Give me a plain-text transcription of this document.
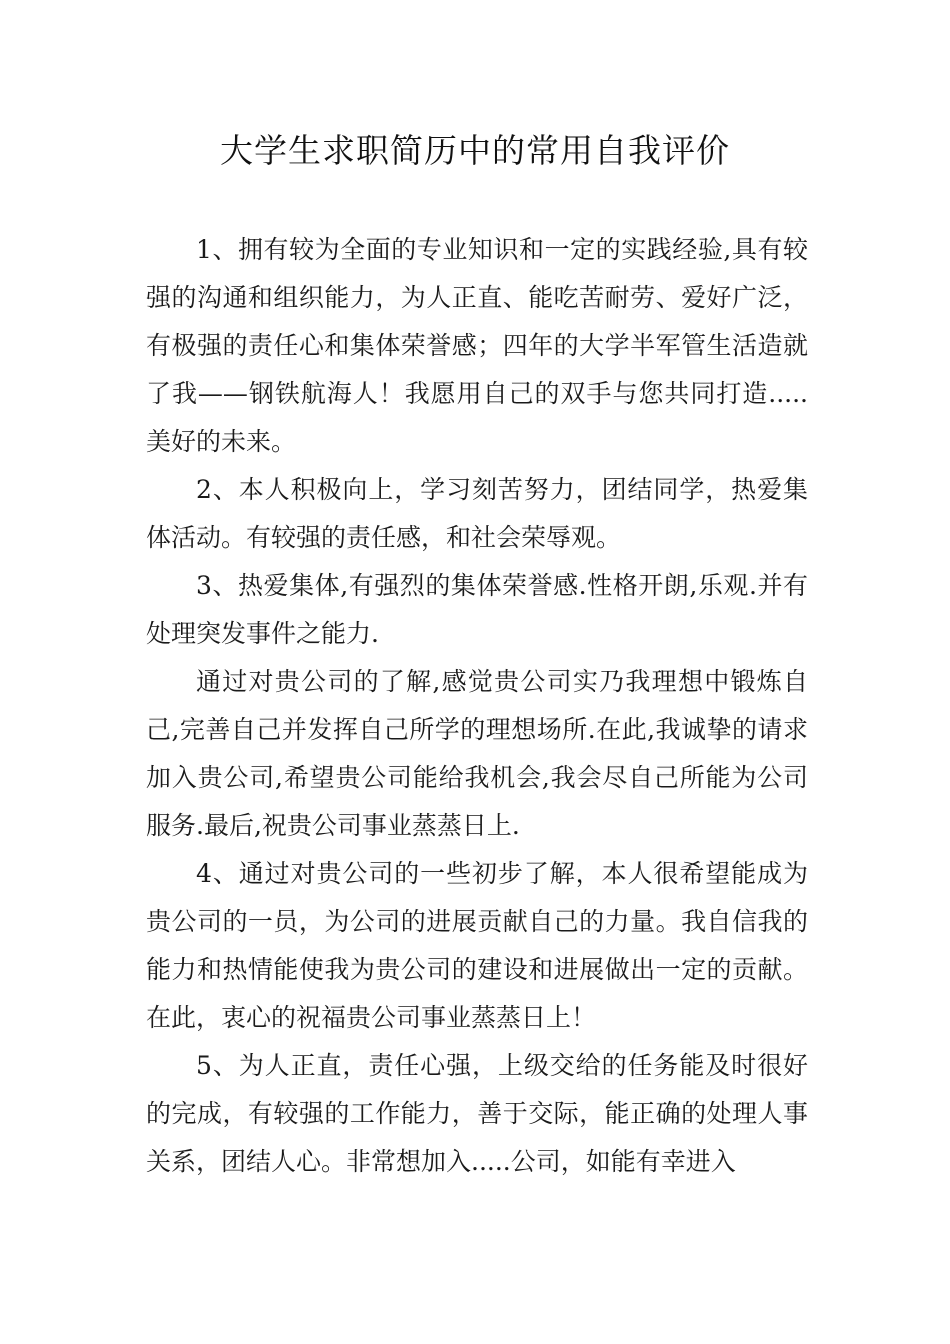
大学生求职简历中的常用自我评价

1、拥有较为全面的专业知识和一定的实践经验,具有较强的沟通和组织能力，为人正直、能吃苦耐劳、爱好广泛，有极强的责任心和集体荣誉感；四年的大学半军管生活造就了我——钢铁航海人！我愿用自己的双手与您共同打造.....美好的未来。

2、本人积极向上，学习刻苦努力，团结同学，热爱集体活动。有较强的责任感，和社会荣辱观。

3、热爱集体,有强烈的集体荣誉感.性格开朗,乐观.并有处理突发事件之能力.

通过对贵公司的了解,感觉贵公司实乃我理想中锻炼自己,完善自己并发挥自己所学的理想场所.在此,我诚挚的请求加入贵公司,希望贵公司能给我机会,我会尽自己所能为公司服务.最后,祝贵公司事业蒸蒸日上.

4、通过对贵公司的一些初步了解，本人很希望能成为贵公司的一员，为公司的进展贡献自己的力量。我自信我的能力和热情能使我为贵公司的建设和进展做出一定的贡献。在此，衷心的祝福贵公司事业蒸蒸日上！

5、为人正直，责任心强，上级交给的任务能及时很好的完成，有较强的工作能力，善于交际，能正确的处理人事关系，团结人心。非常想加入.....公司，如能有幸进入
